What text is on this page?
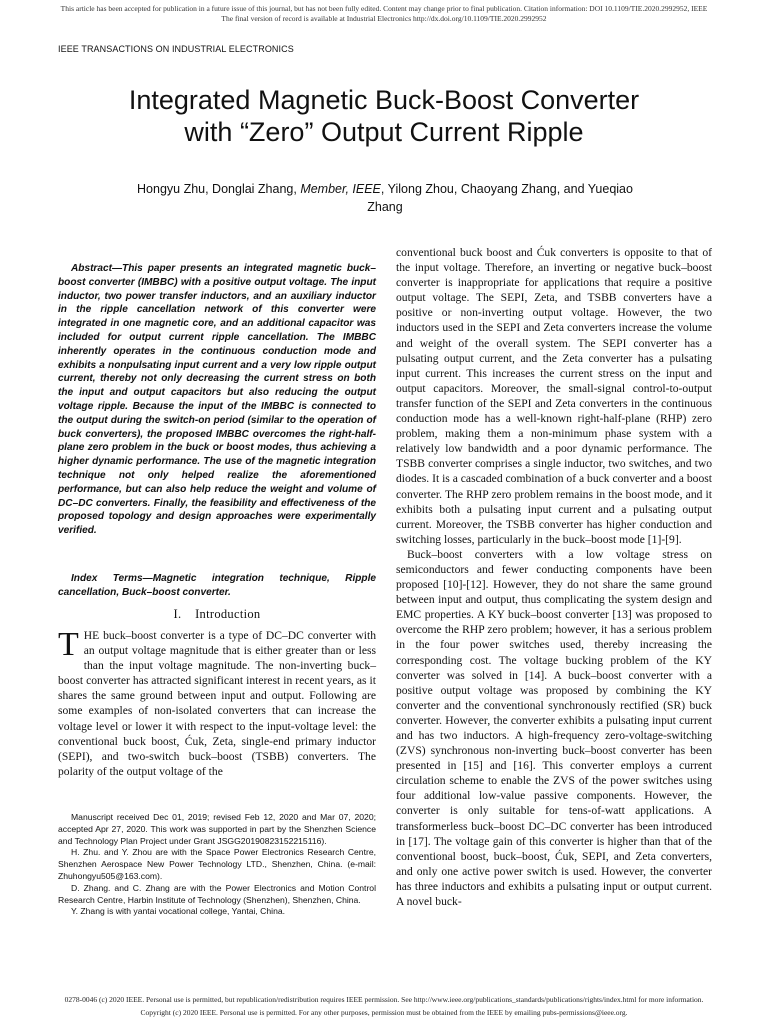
This article has been accepted for publication in a future issue of this journal, but has not been fully edited. Content may change prior to final publication. Citation information: DOI 10.1109/TIE.2020.2992952, IEEE
The final version of record is available at Industrial Electronics http://dx.doi.org/10.1109/TIE.2020.2992952
IEEE TRANSACTIONS ON INDUSTRIAL ELECTRONICS
Integrated Magnetic Buck-Boost Converter
with “Zero” Output Current Ripple
Hongyu Zhu, Donglai Zhang, Member, IEEE, Yilong Zhou, Chaoyang Zhang, and Yueqiao
Zhang

Abstract—This paper presents an integrated magnetic buck–boost converter (IMBBC) with a positive output voltage. The input inductor, two power transfer inductors, and an auxiliary inductor in the ripple cancellation network of this converter were integrated in one magnetic core, and an additional capacitor was included for output current ripple cancellation. The IMBBC inherently operates in the continuous conduction mode and exhibits a nonpulsating input current and a very low ripple output current, thereby not only decreasing the current stress on both the input and output capacitors but also reducing the output voltage ripple. Because the input of the IMBBC is connected to the output during the switch-on period (similar to the operation of buck converters), the proposed IMBBC overcomes the right-half-plane zero problem in the buck or boost modes, thus achieving a higher dynamic performance. The use of the magnetic integration technique not only helped realize the aforementioned performance, but can also help reduce the weight and volume of DC–DC converters. Finally, the feasibility and effectiveness of the proposed topology and design approaches were experimentally verified.

Index Terms—Magnetic integration technique, Ripple cancellation, Buck–boost converter.

I.    Introduction

THE buck–boost converter is a type of DC–DC converter with an output voltage magnitude that is either greater than or less than the input voltage magnitude. The non-inverting buck–boost converter has attracted significant interest in recent years, as it shares the same ground between input and output. Following are some examples of non-isolated converters that can increase the voltage level or lower it with respect to the input-voltage level: the conventional buck boost, Ćuk, Zeta, single-end primary inductor (SEPI), and two-switch buck–boost (TSBB) converters. The polarity of the output voltage of the

Manuscript received Dec 01, 2019; revised Feb 12, 2020 and Mar 07, 2020; accepted Apr 27, 2020. This work was supported in part by the Shenzhen Science and Technology Plan Project under Grant JSGG20190823152215116).

H. Zhu. and Y. Zhou are with the Space Power Electronics Research Centre, Shenzhen Aerospace New Power Technology LTD., Shenzhen, China. (e-mail: Zhuhongyu505@163.com).

D. Zhang. and C. Zhang are with the Power Electronics and Motion Control Research Centre, Harbin Institute of Technology (Shenzhen), Shenzhen, China.

Y. Zhang is with yantai vocational college, Yantai, China.

conventional buck boost and Ćuk converters is opposite to that of the input voltage. Therefore, an inverting or negative buck–boost converter is inappropriate for applications that require a positive output voltage. The SEPI, Zeta, and TSBB converters have a positive or non-inverting output voltage. However, the two inductors used in the SEPI and Zeta converters increase the volume and weight of the overall system. The SEPI converter has a pulsating output current, and the Zeta converter has a pulsating input current. This increases the current stress on the input and output capacitors. Moreover, the small-signal control-to-output transfer function of the SEPI and Zeta converters in the continuous conduction mode has a well-known right-half-plane (RHP) zero problem, making them a non-minimum phase system with a relatively low bandwidth and a poor dynamic performance. The TSBB converter comprises a single inductor, two switches, and two diodes. It is a cascaded combination of a buck converter and a boost converter. The RHP zero problem remains in the boost mode, and it exhibits both a pulsating input current and a pulsating output current. Moreover, the TSBB converter has higher conduction and switching losses, particularly in the buck–boost mode [1]-[9].

Buck–boost converters with a low voltage stress on semiconductors and fewer conducting components have been proposed [10]-[12]. However, they do not share the same ground between input and output, thus complicating the system design and EMC properties. A KY buck–boost converter [13] was proposed to overcome the RHP zero problem; however, it has a serious problem in the four power switches used, thereby increasing the corresponding cost. The voltage bucking problem of the KY converter was solved in [14]. A buck–boost converter with a positive output voltage was proposed by combining the KY converter and the conventional synchronously rectified (SR) buck converter. However, the converter exhibits a pulsating input current and has two inductors. A high-frequency zero-voltage-switching (ZVS) synchronous non-inverting buck–boost converter has been presented in [15] and [16]. This converter employs a current circulation scheme to enable the ZVS of the power switches using four additional low-value passive components. However, the converter is only suitable for tens-of-watt applications. A transformerless buck–boost DC–DC converter has been introduced in [17]. The voltage gain of this converter is higher than that of the conventional boost, buck–boost, Ćuk, SEPI, and Zeta converters, and only one active power switch is used. However, the converter has three inductors and exhibits a pulsating input or output current. A novel buck-

0278-0046 (c) 2020 IEEE. Personal use is permitted, but republication/redistribution requires IEEE permission. See http://www.ieee.org/publications_standards/publications/rights/index.html for more information.
Copyright (c) 2020 IEEE. Personal use is permitted. For any other purposes, permission must be obtained from the IEEE by emailing pubs-permissions@ieee.org.
